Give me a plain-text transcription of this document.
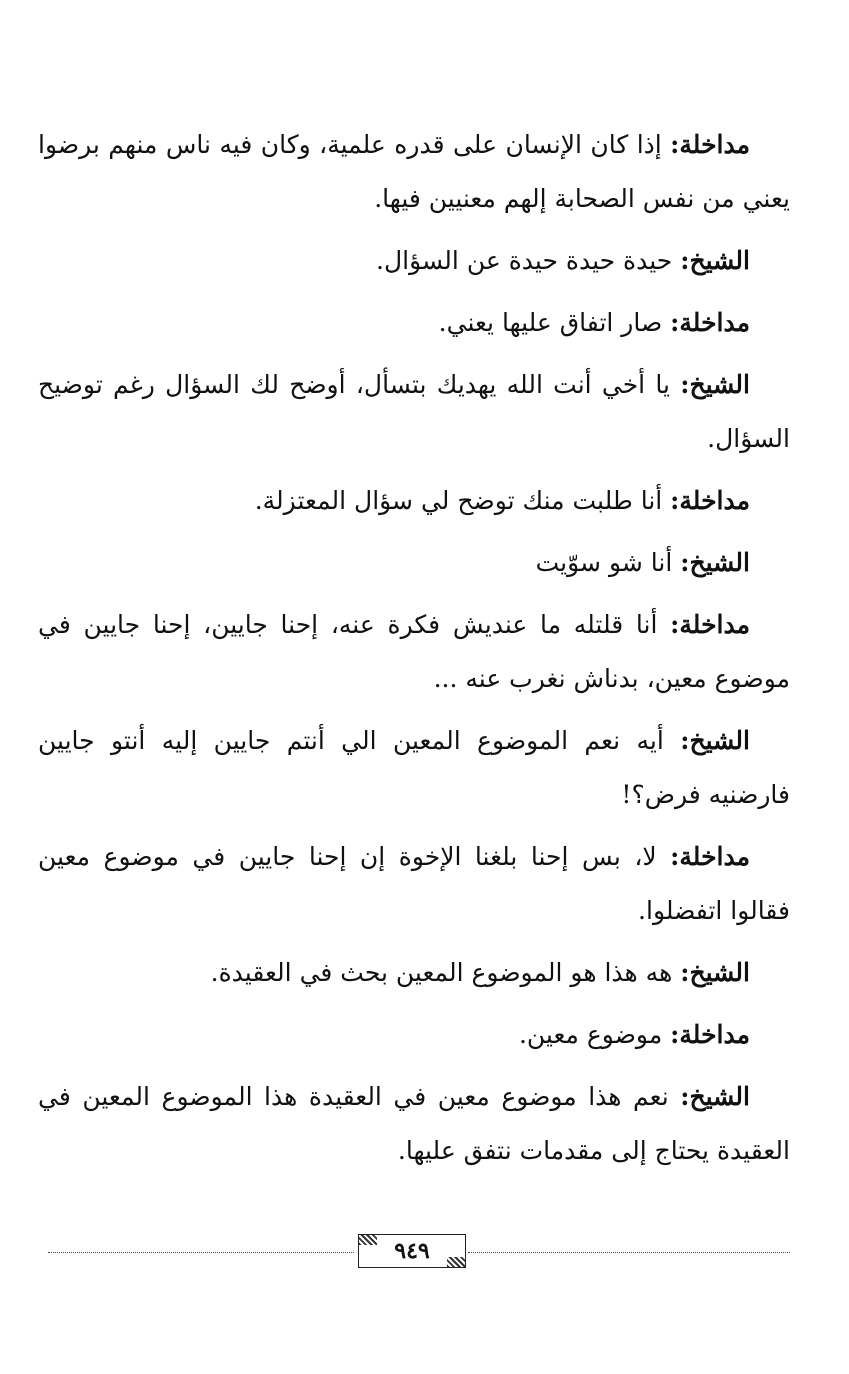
مداخلة: إذا كان الإنسان على قدره علمية، وكان فيه ناس منهم برضوا يعني من نفس الصحابة إلهم معنيين فيها.

الشيخ: حيدة حيدة حيدة عن السؤال.

مداخلة: صار اتفاق عليها يعني.

الشيخ: يا أخي أنت الله يهديك بتسأل، أوضح لك السؤال رغم توضيح السؤال.

مداخلة: أنا طلبت منك توضح لي سؤال المعتزلة.

الشيخ: أنا شو سوّيت

مداخلة: أنا قلتله ما عنديش فكرة عنه، إحنا جايين، إحنا جايين في موضوع معين، بدناش نغرب عنه ...

الشيخ: أيه نعم الموضوع المعين الي أنتم جايين إليه أنتو جايين فارضنيه فرض؟!

مداخلة: لا، بس إحنا بلغنا الإخوة إن إحنا جايين في موضوع معين فقالوا اتفضلوا.

الشيخ: هه هذا هو الموضوع المعين بحث في العقيدة.

مداخلة: موضوع معين.

الشيخ: نعم هذا موضوع معين في العقيدة هذا الموضوع المعين في العقيدة يحتاج إلى مقدمات نتفق عليها.

٩٤٩
